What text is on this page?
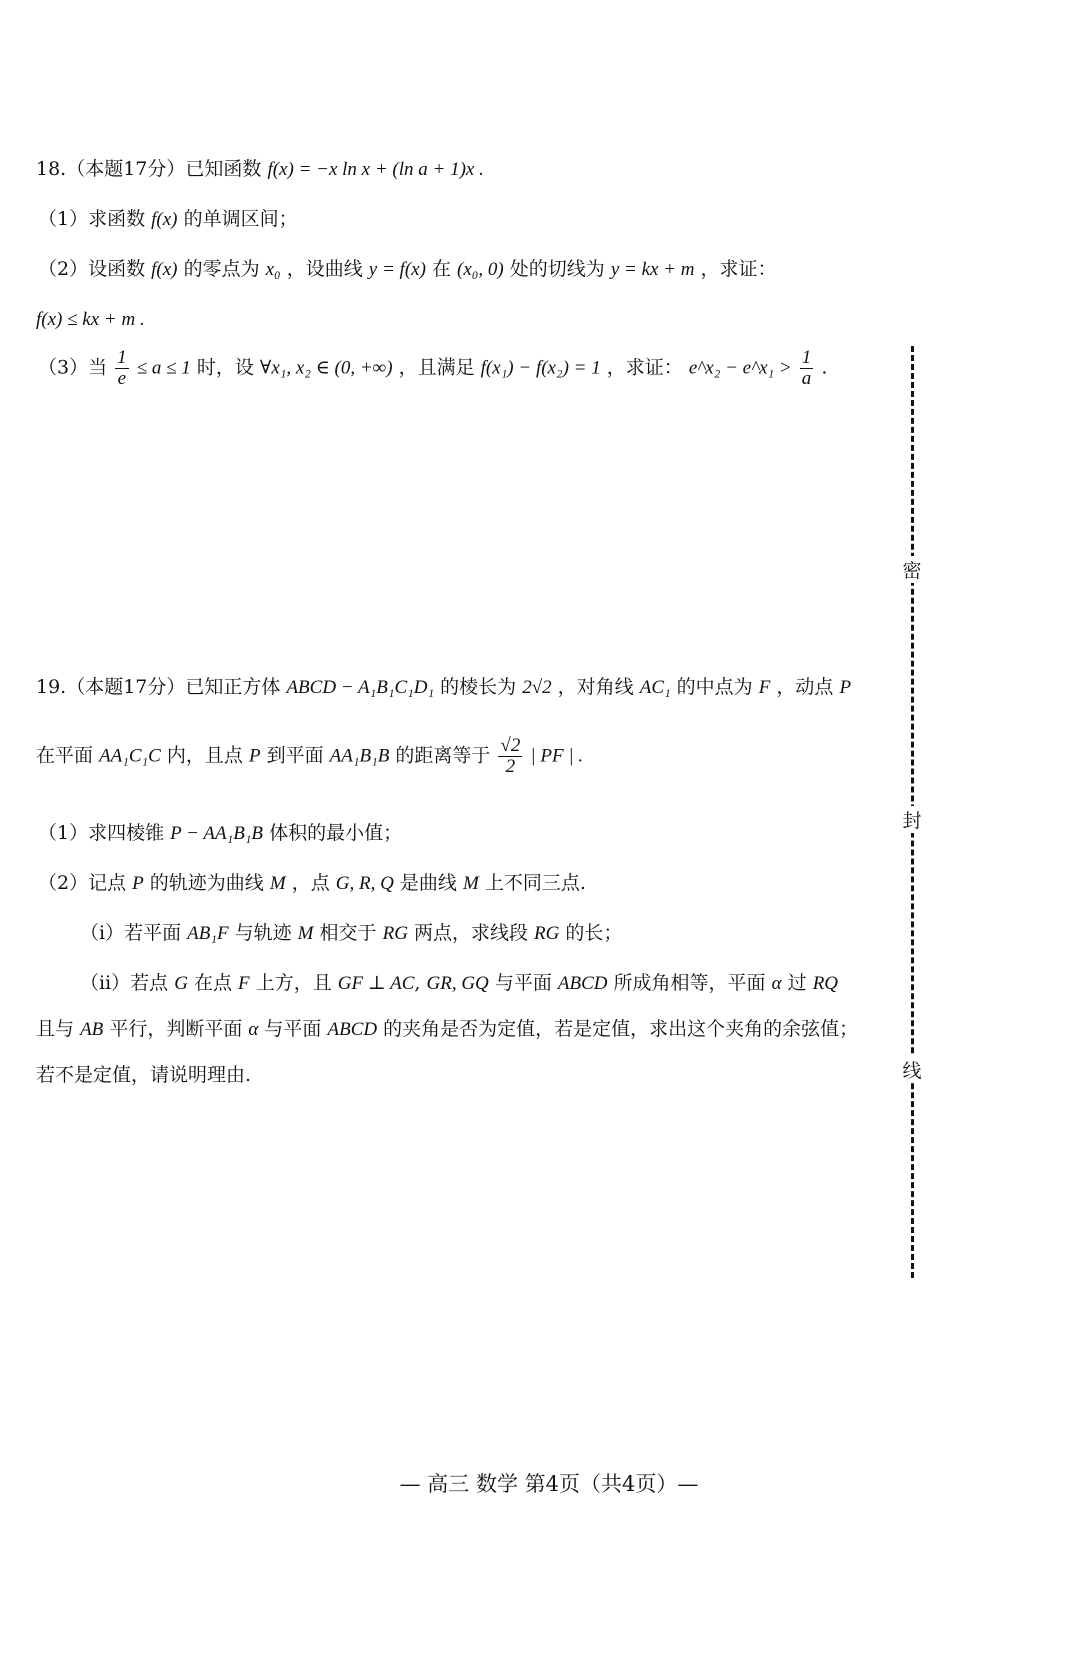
18.（本题17分）已知函数 f(x) = −x ln x + (ln a + 1)x .
（1）求函数 f(x) 的单调区间；
（2）设函数 f(x) 的零点为 x₀ ，设曲线 y = f(x) 在 (x₀, 0) 处的切线为 y = kx + m ，求证：
f(x) ≤ kx + m .
（3）当 $\frac{1}{e} \le a \le 1$ 时，设 ∀x₁, x₂ ∈ (0, +∞) ，且满足 f(x₁) − f(x₂) = 1 ，求证： e^x₂ − e^x₁ > $\frac{1}{a}$ .
19.（本题17分）已知正方体 ABCD − A₁B₁C₁D₁ 的棱长为 2√2 ，对角线 AC₁ 的中点为 F ，动点 P
在平面 AA₁C₁C 内，且点 P 到平面 AA₁B₁B 的距离等于 $\frac{√2}{2}$ | PF | .
（1）求四棱锥 P − AA₁B₁B 体积的最小值；
（2）记点 P 的轨迹为曲线 M ，点 G, R, Q 是曲线 M 上不同三点.
（ⅰ）若平面 AB₁F 与轨迹 M 相交于 RG 两点，求线段 RG 的长；
（ⅱ）若点 G 在点 F 上方，且 GF ⊥ AC, GR, GQ 与平面 ABCD 所成角相等，平面 α 过 RQ
且与 AB 平行，判断平面 α 与平面 ABCD 的夹角是否为定值，若是定值，求出这个夹角的余弦值；
若不是定值，请说明理由.
密
封
线
— 高三 数学 第4页（共4页）—
